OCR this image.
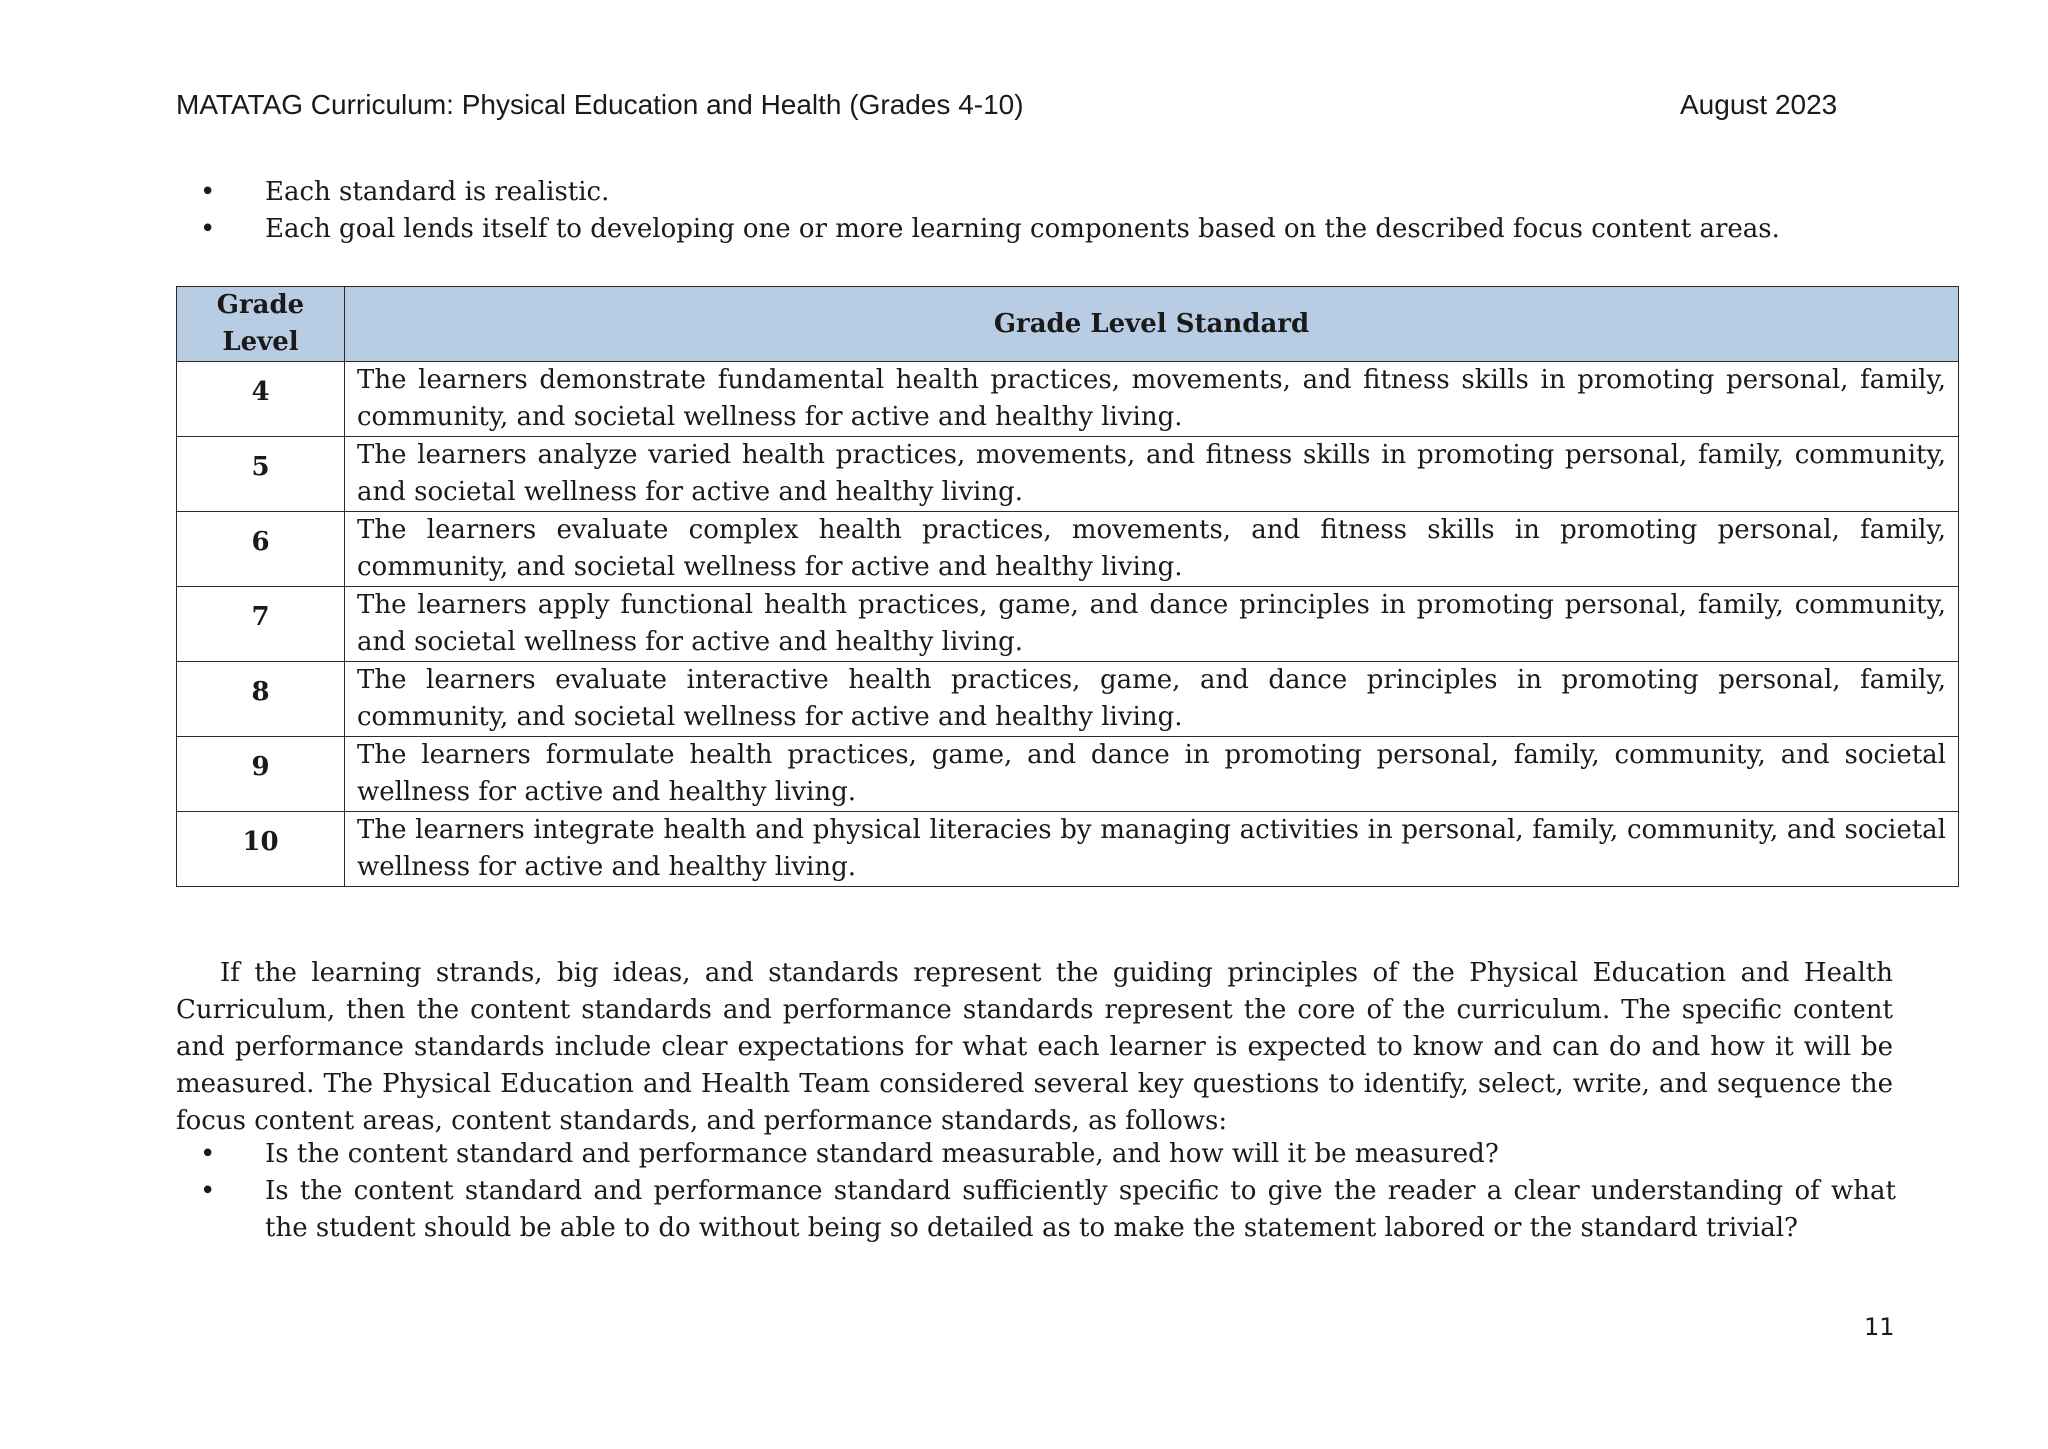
MATATAG Curriculum: Physical Education and Health (Grades 4-10)	August 2023
• Each standard is realistic.
• Each goal lends itself to developing one or more learning components based on the described focus content areas.
Grade
Level	Grade Level Standard
4	The learners demonstrate fundamental health practices, movements, and fitness skills in promoting personal, family, community, and societal wellness for active and healthy living.
5	The learners analyze varied health practices, movements, and fitness skills in promoting personal, family, community, and societal wellness for active and healthy living.
6	The learners evaluate complex health practices, movements, and fitness skills in promoting personal, family, community, and societal wellness for active and healthy living.
7	The learners apply functional health practices, game, and dance principles in promoting personal, family, community, and societal wellness for active and healthy living.
8	The learners evaluate interactive health practices, game, and dance principles in promoting personal, family, community, and societal wellness for active and healthy living.
9	The learners formulate health practices, game, and dance in promoting personal, family, community, and societal wellness for active and healthy living.
10	The learners integrate health and physical literacies by managing activities in personal, family, community, and societal wellness for active and healthy living.

If the learning strands, big ideas, and standards represent the guiding principles of the Physical Education and Health Curriculum, then the content standards and performance standards represent the core of the curriculum. The specific content and performance standards include clear expectations for what each learner is expected to know and can do and how it will be measured. The Physical Education and Health Team considered several key questions to identify, select, write, and sequence the focus content areas, content standards, and performance standards, as follows:

• Is the content standard and performance standard measurable, and how will it be measured?
• Is the content standard and performance standard sufficiently specific to give the reader a clear understanding of what the student should be able to do without being so detailed as to make the statement labored or the standard trivial?
11
